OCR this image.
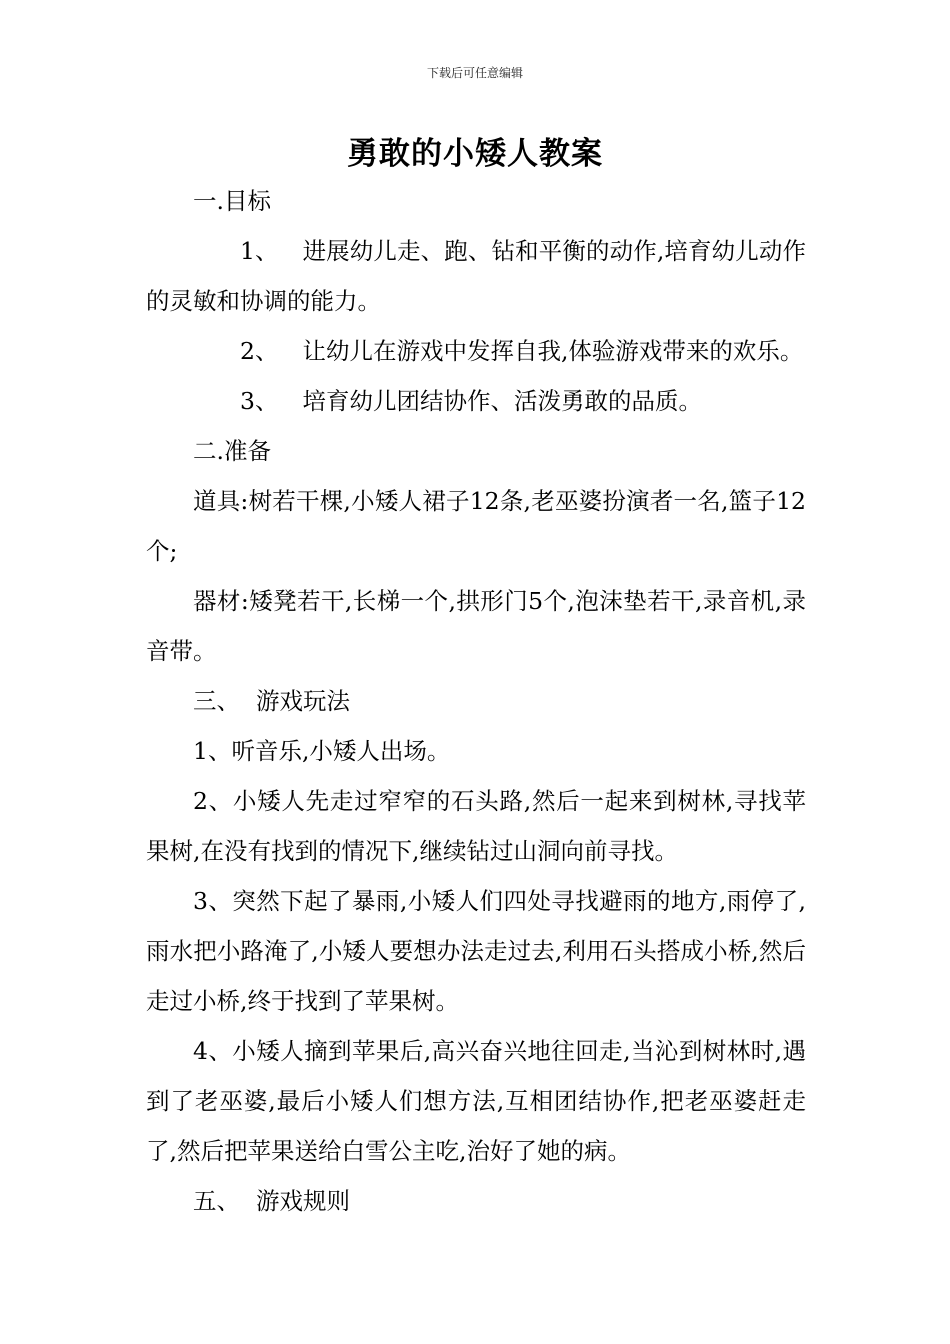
下载后可任意编辑
勇敢的小矮人教案

一.目标

1、 进展幼儿走、跑、钻和平衡的动作,培育幼儿动作的灵敏和协调的能力。

2、 让幼儿在游戏中发挥自我,体验游戏带来的欢乐。

3、 培育幼儿团结协作、活泼勇敢的品质。

二.准备

道具:树若干棵,小矮人裙子12条,老巫婆扮演者一名,篮子12个;

器材:矮凳若干,长梯一个,拱形门5个,泡沫垫若干,录音机,录音带。

三、 游戏玩法

1、听音乐,小矮人出场。

2、小矮人先走过窄窄的石头路,然后一起来到树林,寻找苹果树,在没有找到的情况下,继续钻过山洞向前寻找。

3、突然下起了暴雨,小矮人们四处寻找避雨的地方,雨停了,雨水把小路淹了,小矮人要想办法走过去,利用石头搭成小桥,然后走过小桥,终于找到了苹果树。

4、小矮人摘到苹果后,高兴奋兴地往回走,当沁到树林时,遇到了老巫婆,最后小矮人们想方法,互相团结协作,把老巫婆赶走了,然后把苹果送给白雪公主吃,治好了她的病。

五、 游戏规则
